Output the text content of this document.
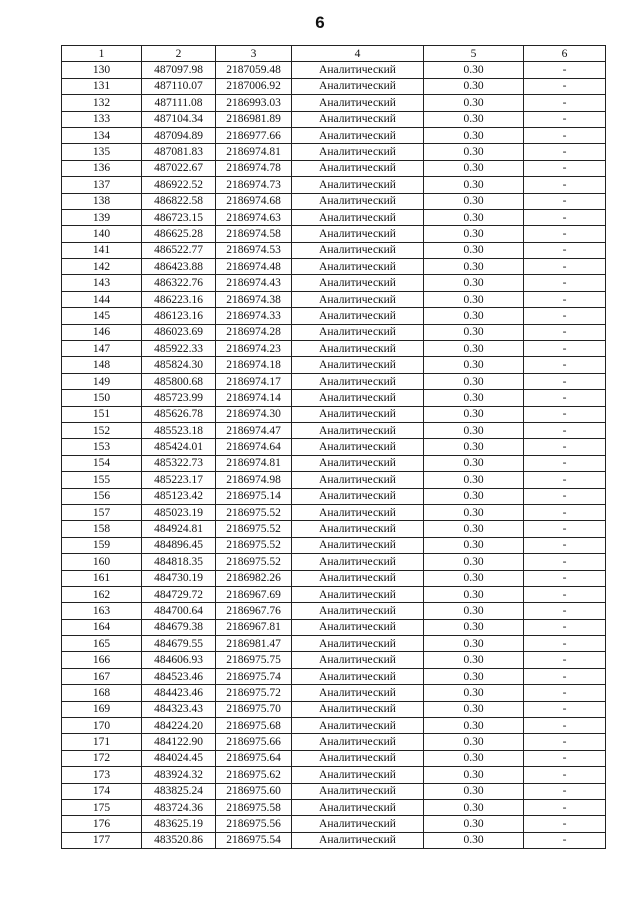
6
1	2	3	4	5	6
130	487097.98	2187059.48	Аналитический	0.30	-
131	487110.07	2187006.92	Аналитический	0.30	-
132	487111.08	2186993.03	Аналитический	0.30	-
133	487104.34	2186981.89	Аналитический	0.30	-
134	487094.89	2186977.66	Аналитический	0.30	-
135	487081.83	2186974.81	Аналитический	0.30	-
136	487022.67	2186974.78	Аналитический	0.30	-
137	486922.52	2186974.73	Аналитический	0.30	-
138	486822.58	2186974.68	Аналитический	0.30	-
139	486723.15	2186974.63	Аналитический	0.30	-
140	486625.28	2186974.58	Аналитический	0.30	-
141	486522.77	2186974.53	Аналитический	0.30	-
142	486423.88	2186974.48	Аналитический	0.30	-
143	486322.76	2186974.43	Аналитический	0.30	-
144	486223.16	2186974.38	Аналитический	0.30	-
145	486123.16	2186974.33	Аналитический	0.30	-
146	486023.69	2186974.28	Аналитический	0.30	-
147	485922.33	2186974.23	Аналитический	0.30	-
148	485824.30	2186974.18	Аналитический	0.30	-
149	485800.68	2186974.17	Аналитический	0.30	-
150	485723.99	2186974.14	Аналитический	0.30	-
151	485626.78	2186974.30	Аналитический	0.30	-
152	485523.18	2186974.47	Аналитический	0.30	-
153	485424.01	2186974.64	Аналитический	0.30	-
154	485322.73	2186974.81	Аналитический	0.30	-
155	485223.17	2186974.98	Аналитический	0.30	-
156	485123.42	2186975.14	Аналитический	0.30	-
157	485023.19	2186975.52	Аналитический	0.30	-
158	484924.81	2186975.52	Аналитический	0.30	-
159	484896.45	2186975.52	Аналитический	0.30	-
160	484818.35	2186975.52	Аналитический	0.30	-
161	484730.19	2186982.26	Аналитический	0.30	-
162	484729.72	2186967.69	Аналитический	0.30	-
163	484700.64	2186967.76	Аналитический	0.30	-
164	484679.38	2186967.81	Аналитический	0.30	-
165	484679.55	2186981.47	Аналитический	0.30	-
166	484606.93	2186975.75	Аналитический	0.30	-
167	484523.46	2186975.74	Аналитический	0.30	-
168	484423.46	2186975.72	Аналитический	0.30	-
169	484323.43	2186975.70	Аналитический	0.30	-
170	484224.20	2186975.68	Аналитический	0.30	-
171	484122.90	2186975.66	Аналитический	0.30	-
172	484024.45	2186975.64	Аналитический	0.30	-
173	483924.32	2186975.62	Аналитический	0.30	-
174	483825.24	2186975.60	Аналитический	0.30	-
175	483724.36	2186975.58	Аналитический	0.30	-
176	483625.19	2186975.56	Аналитический	0.30	-
177	483520.86	2186975.54	Аналитический	0.30	-
